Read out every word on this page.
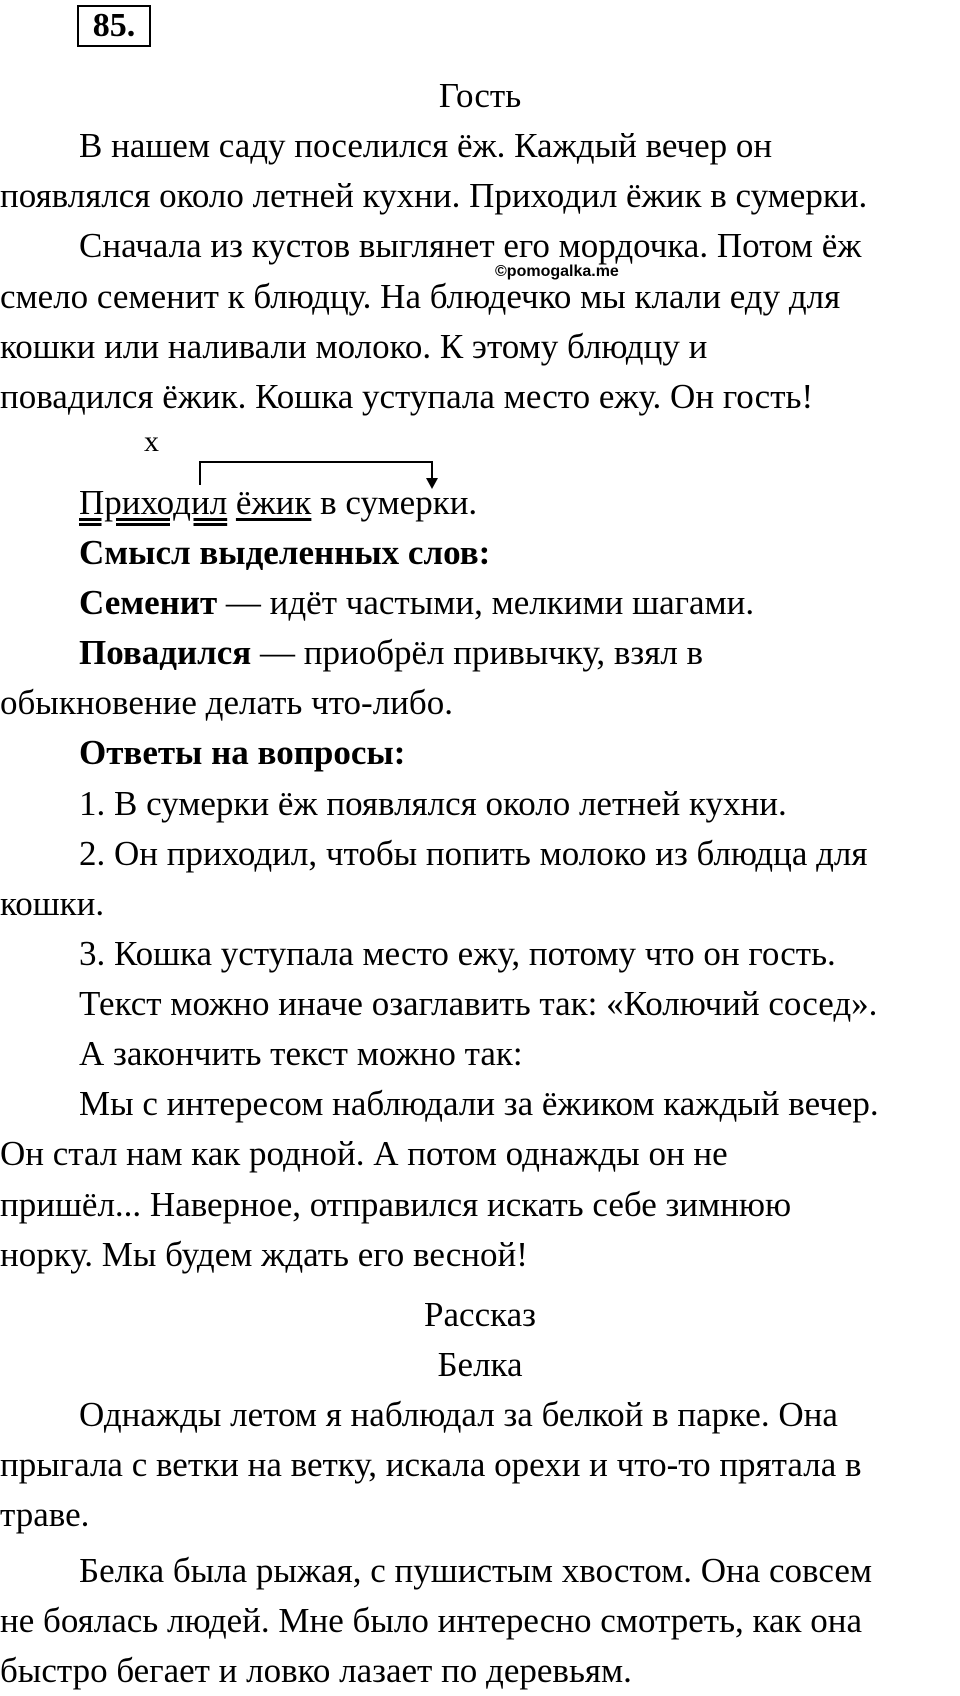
85.
Гость
В нашем саду поселился ёж. Каждый вечер он
появлялся около летней кухни. Приходил ёжик в сумерки.
Сначала из кустов выглянет его мордочка. Потом ёж
смело семенит к блюдцу. На блюдечко мы клали еду для
кошки или наливали молоко. К этому блюдцу и
повадился ёжик. Кошка уступала место ежу. Он гость!
©pomogalka.me
x
Приходил ёжик в сумерки.
Смысл выделенных слов:
Семенит — идёт частыми, мелкими шагами.
Повадился — приобрёл привычку, взял в
обыкновение делать что-либо.
Ответы на вопросы:
1. В сумерки ёж появлялся около летней кухни.
2. Он приходил, чтобы попить молоко из блюдца для
кошки.
3. Кошка уступала место ежу, потому что он гость.
Текст можно иначе озаглавить так: «Колючий сосед».
А закончить текст можно так:
Мы с интересом наблюдали за ёжиком каждый вечер.
Он стал нам как родной. А потом однажды он не
пришёл... Наверное, отправился искать себе зимнюю
норку. Мы будем ждать его весной!
Рассказ
Белка
Однажды летом я наблюдал за белкой в парке. Она
прыгала с ветки на ветку, искала орехи и что-то прятала в
траве.
Белка была рыжая, с пушистым хвостом. Она совсем
не боялась людей. Мне было интересно смотреть, как она
быстро бегает и ловко лазает по деревьям.
